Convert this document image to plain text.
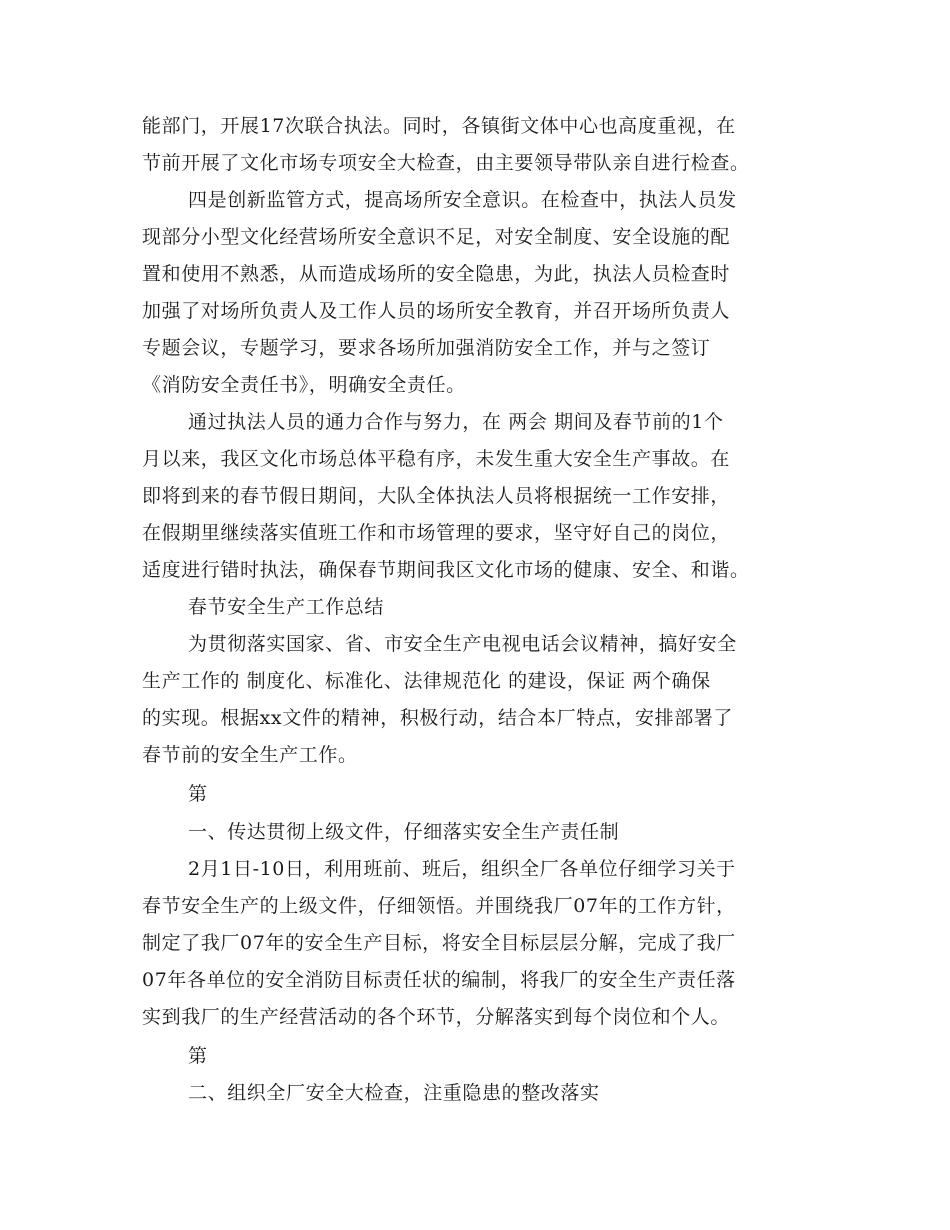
能部门，开展17次联合执法。同时，各镇街文体中心也高度重视，在
节前开展了文化市场专项安全大检查，由主要领导带队亲自进行检查。
四是创新监管方式，提高场所安全意识。在检查中，执法人员发
现部分小型文化经营场所安全意识不足，对安全制度、安全设施的配
置和使用不熟悉，从而造成场所的安全隐患，为此，执法人员检查时
加强了对场所负责人及工作人员的场所安全教育，并召开场所负责人
专题会议，专题学习，要求各场所加强消防安全工作，并与之签订
《消防安全责任书》，明确安全责任。
通过执法人员的通力合作与努力，在 两会 期间及春节前的1个
月以来，我区文化市场总体平稳有序，未发生重大安全生产事故。在
即将到来的春节假日期间，大队全体执法人员将根据统一工作安排，
在假期里继续落实值班工作和市场管理的要求，坚守好自己的岗位，
适度进行错时执法，确保春节期间我区文化市场的健康、安全、和谐。
春节安全生产工作总结
为贯彻落实国家、省、市安全生产电视电话会议精神，搞好安全
生产工作的 制度化、标准化、法律规范化 的建设，保证 两个确保
的实现。根据xx文件的精神，积极行动，结合本厂特点，安排部署了
春节前的安全生产工作。
第
一、传达贯彻上级文件，仔细落实安全生产责任制
2月1日-10日，利用班前、班后，组织全厂各单位仔细学习关于
春节安全生产的上级文件，仔细领悟。并围绕我厂07年的工作方针，
制定了我厂07年的安全生产目标，将安全目标层层分解，完成了我厂
07年各单位的安全消防目标责任状的编制，将我厂的安全生产责任落
实到我厂的生产经营活动的各个环节，分解落实到每个岗位和个人。
第
二、组织全厂安全大检查，注重隐患的整改落实
